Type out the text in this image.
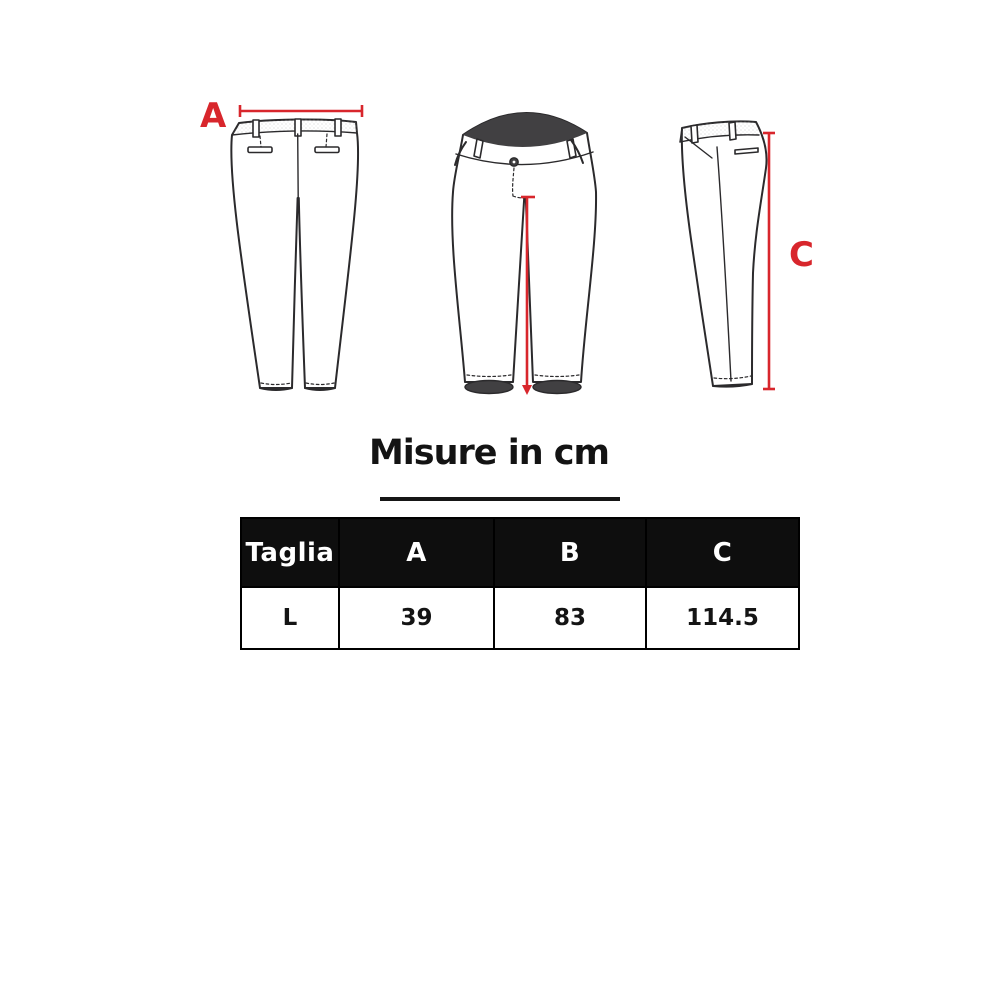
A
C
Misure in cm
Taglia	A	B	C
L	39	83	114.5
